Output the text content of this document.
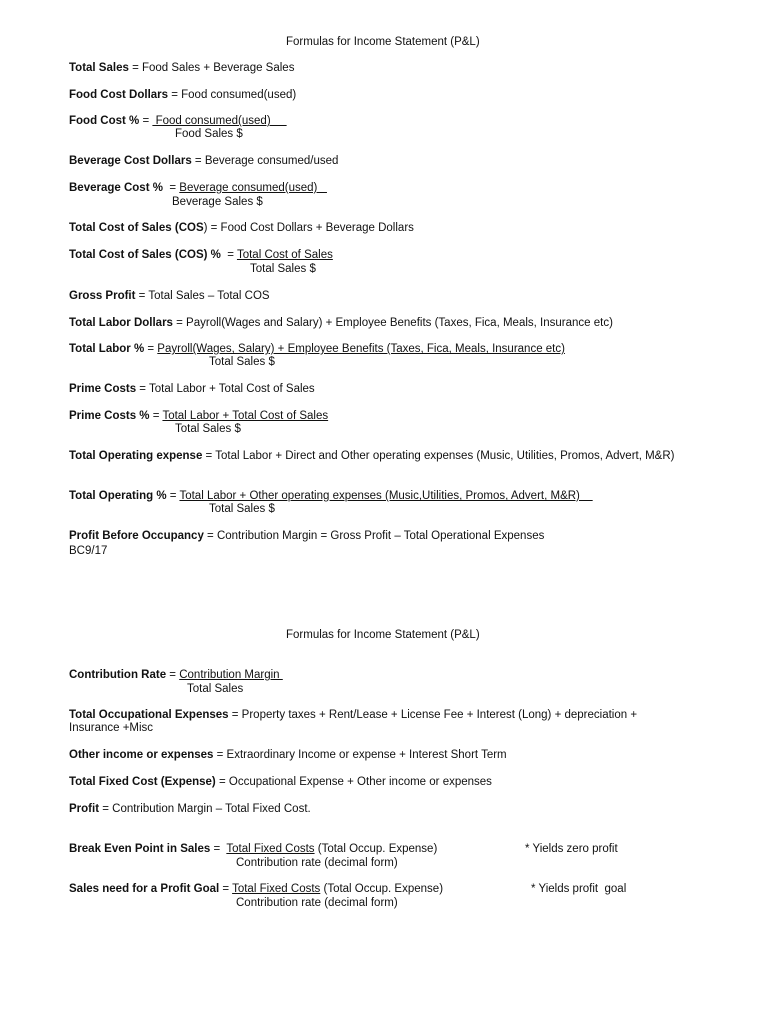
Formulas for Income Statement (P&L)
Total Sales = Food Sales + Beverage Sales
Food Cost Dollars = Food consumed(used)
Food Cost % =  Food consumed(used)
Food Sales $
Beverage Cost Dollars = Beverage consumed/used
Beverage Cost %  = Beverage consumed(used)
Beverage Sales $
Total Cost of Sales (COS) = Food Cost Dollars + Beverage Dollars
Total Cost of Sales (COS) %  = Total Cost of Sales
Total Sales $
Gross Profit = Total Sales – Total COS
Total Labor Dollars = Payroll(Wages and Salary) + Employee Benefits (Taxes, Fica, Meals, Insurance etc)
Total Labor % = Payroll(Wages, Salary) + Employee Benefits (Taxes, Fica, Meals, Insurance etc)
Total Sales $
Prime Costs = Total Labor + Total Cost of Sales
Prime Costs % = Total Labor + Total Cost of Sales
Total Sales $
Total Operating expense = Total Labor + Direct and Other operating expenses (Music, Utilities, Promos, Advert, M&R)
Total Operating % = Total Labor + Other operating expenses (Music,Utilities, Promos, Advert, M&R)
Total Sales $
Profit Before Occupancy = Contribution Margin = Gross Profit – Total Operational Expenses
BC9/17
Formulas for Income Statement (P&L)
Contribution Rate = Contribution Margin
Total Sales
Total Occupational Expenses = Property taxes + Rent/Lease + License Fee + Interest (Long) + depreciation +
Insurance +Misc
Other income or expenses = Extraordinary Income or expense + Interest Short Term
Total Fixed Cost (Expense) = Occupational Expense + Other income or expenses
Profit = Contribution Margin – Total Fixed Cost.
Break Even Point in Sales =  Total Fixed Costs (Total Occup. Expense)	* Yields zero profit
Contribution rate (decimal form)
Sales need for a Profit Goal = Total Fixed Costs (Total Occup. Expense)	* Yields profit  goal
Contribution rate (decimal form)
